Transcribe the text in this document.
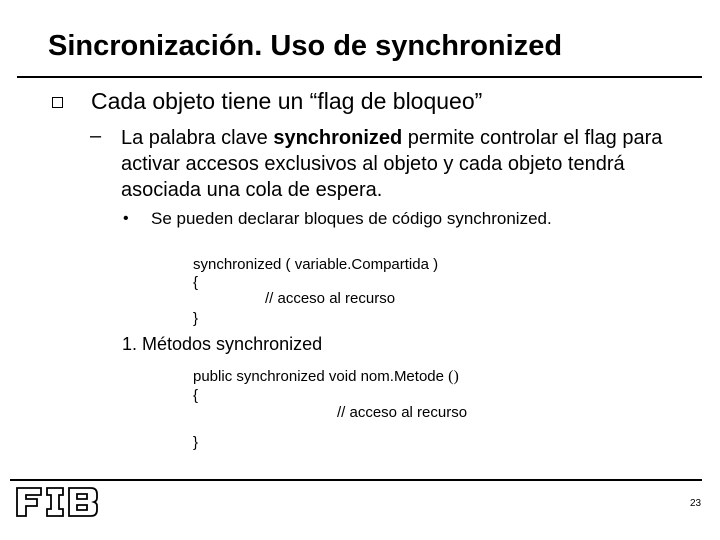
Sincronización. Uso de synchronized
Cada objeto tiene un “flag de bloqueo”
– La palabra clave synchronized permite controlar el flag para activar accesos exclusivos al objeto y cada objeto tendrá asociada una cola de espera.
• Se pueden declarar bloques de código synchronized.
synchronized ( variable.Compartida )
{
// acceso al recurso
}
1. Métodos synchronized
public synchronized void nom.Metode ()
{
// acceso al recurso
}
23
